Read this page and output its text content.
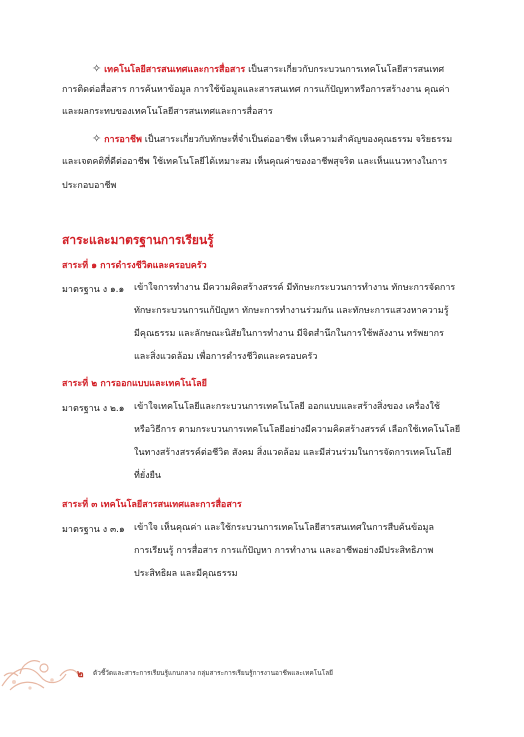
✧ เทคโนโลยีสารสนเทศและการสื่อสาร เป็นสาระเกี่ยวกับกระบวนการเทคโนโลยีสารสนเทศ
การติดต่อสื่อสาร การค้นหาข้อมูล การใช้ข้อมูลและสารสนเทศ การแก้ปัญหาหรือการสร้างงาน คุณค่า
และผลกระทบของเทคโนโลยีสารสนเทศและการสื่อสาร
✧ การอาชีพ เป็นสาระเกี่ยวกับทักษะที่จำเป็นต่ออาชีพ เห็นความสำคัญของคุณธรรม จริยธรรม
และเจตคติที่ดีต่ออาชีพ ใช้เทคโนโลยีได้เหมาะสม เห็นคุณค่าของอาชีพสุจริต และเห็นแนวทางในการ
ประกอบอาชีพ
สาระและมาตรฐานการเรียนรู้
สาระที่ ๑ การดำรงชีวิตและครอบครัว
มาตรฐาน ง ๑.๑ เข้าใจการทำงาน มีความคิดสร้างสรรค์ มีทักษะกระบวนการทำงาน ทักษะการจัดการ
ทักษะกระบวนการแก้ปัญหา ทักษะการทำงานร่วมกัน และทักษะการแสวงหาความรู้
มีคุณธรรม และลักษณะนิสัยในการทำงาน มีจิตสำนึกในการใช้พลังงาน ทรัพยากร
และสิ่งแวดล้อม เพื่อการดำรงชีวิตและครอบครัว
สาระที่ ๒ การออกแบบและเทคโนโลยี
มาตรฐาน ง ๒.๑ เข้าใจเทคโนโลยีและกระบวนการเทคโนโลยี ออกแบบและสร้างสิ่งของ เครื่องใช้
หรือวิธีการ ตามกระบวนการเทคโนโลยีอย่างมีความคิดสร้างสรรค์ เลือกใช้เทคโนโลยี
ในทางสร้างสรรค์ต่อชีวิต สังคม สิ่งแวดล้อม และมีส่วนร่วมในการจัดการเทคโนโลยี
ที่ยั่งยืน
สาระที่ ๓ เทคโนโลยีสารสนเทศและการสื่อสาร
มาตรฐาน ง ๓.๑ เข้าใจ เห็นคุณค่า และใช้กระบวนการเทคโนโลยีสารสนเทศในการสืบค้นข้อมูล
การเรียนรู้ การสื่อสาร การแก้ปัญหา การทำงาน และอาชีพอย่างมีประสิทธิภาพ
ประสิทธิผล และมีคุณธรรม
๒ ตัวชี้วัดและสาระการเรียนรู้แกนกลาง กลุ่มสาระการเรียนรู้การงานอาชีพและเทคโนโลยี
